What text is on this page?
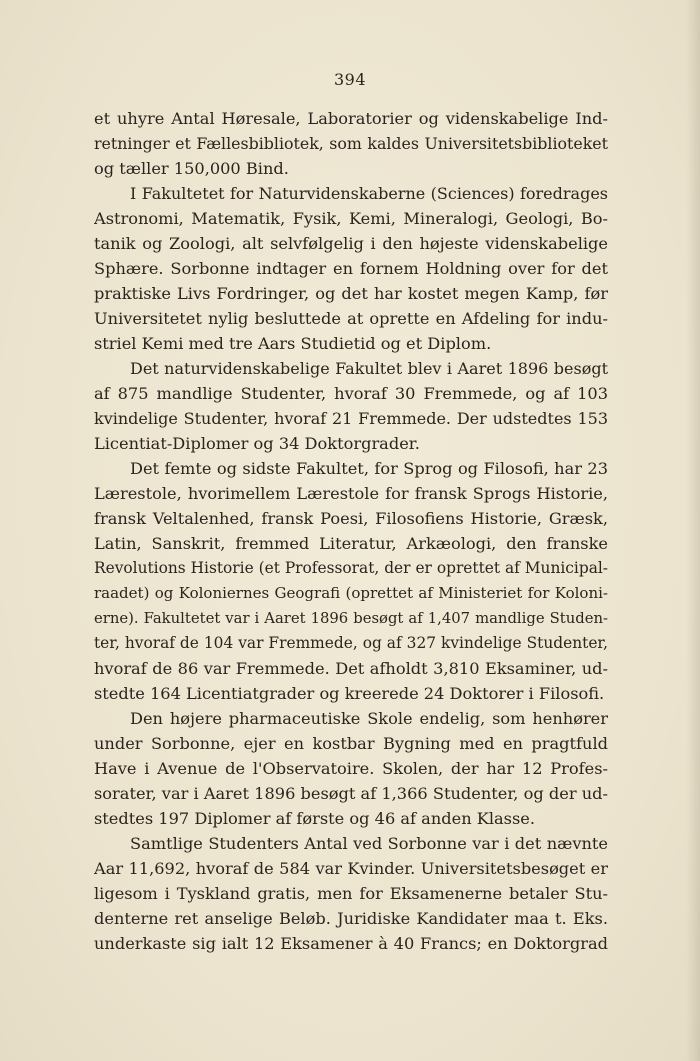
394
et uhyre Antal Høresale, Laboratorier og videnskabelige Ind-
retninger et Fællesbibliotek, som kaldes Universitetsbiblioteket
og tæller 150,000 Bind.
I Fakultetet for Naturvidenskaberne (Sciences) foredrages
Astronomi, Matematik, Fysik, Kemi, Mineralogi, Geologi, Bo-
tanik og Zoologi, alt selvfølgelig i den højeste videnskabelige
Sphære. Sorbonne indtager en fornem Holdning over for det
praktiske Livs Fordringer, og det har kostet megen Kamp, før
Universitetet nylig besluttede at oprette en Afdeling for indu-
striel Kemi med tre Aars Studietid og et Diplom.
Det naturvidenskabelige Fakultet blev i Aaret 1896 besøgt
af 875 mandlige Studenter, hvoraf 30 Fremmede, og af 103
kvindelige Studenter, hvoraf 21 Fremmede. Der udstedtes 153
Licentiat-Diplomer og 34 Doktorgrader.
Det femte og sidste Fakultet, for Sprog og Filosofi, har 23
Lærestole, hvorimellem Lærestole for fransk Sprogs Historie,
fransk Veltalenhed, fransk Poesi, Filosofiens Historie, Græsk,
Latin, Sanskrit, fremmed Literatur, Arkæologi, den franske
Revolutions Historie (et Professorat, der er oprettet af Municipal-
raadet) og Koloniernes Geografi (oprettet af Ministeriet for Koloni-
erne). Fakultetet var i Aaret 1896 besøgt af 1,407 mandlige Studen-
ter, hvoraf de 104 var Fremmede, og af 327 kvindelige Studenter,
hvoraf de 86 var Fremmede. Det afholdt 3,810 Eksaminer, ud-
stedte 164 Licentiatgrader og kreerede 24 Doktorer i Filosofi.
Den højere pharmaceutiske Skole endelig, som henhører
under Sorbonne, ejer en kostbar Bygning med en pragtfuld
Have i Avenue de l'Observatoire. Skolen, der har 12 Profes-
sorater, var i Aaret 1896 besøgt af 1,366 Studenter, og der ud-
stedtes 197 Diplomer af første og 46 af anden Klasse.
Samtlige Studenters Antal ved Sorbonne var i det nævnte
Aar 11,692, hvoraf de 584 var Kvinder. Universitetsbesøget er
ligesom i Tyskland gratis, men for Eksamenerne betaler Stu-
denterne ret anselige Beløb. Juridiske Kandidater maa t. Eks.
underkaste sig ialt 12 Eksamener à 40 Francs; en Doktorgrad
